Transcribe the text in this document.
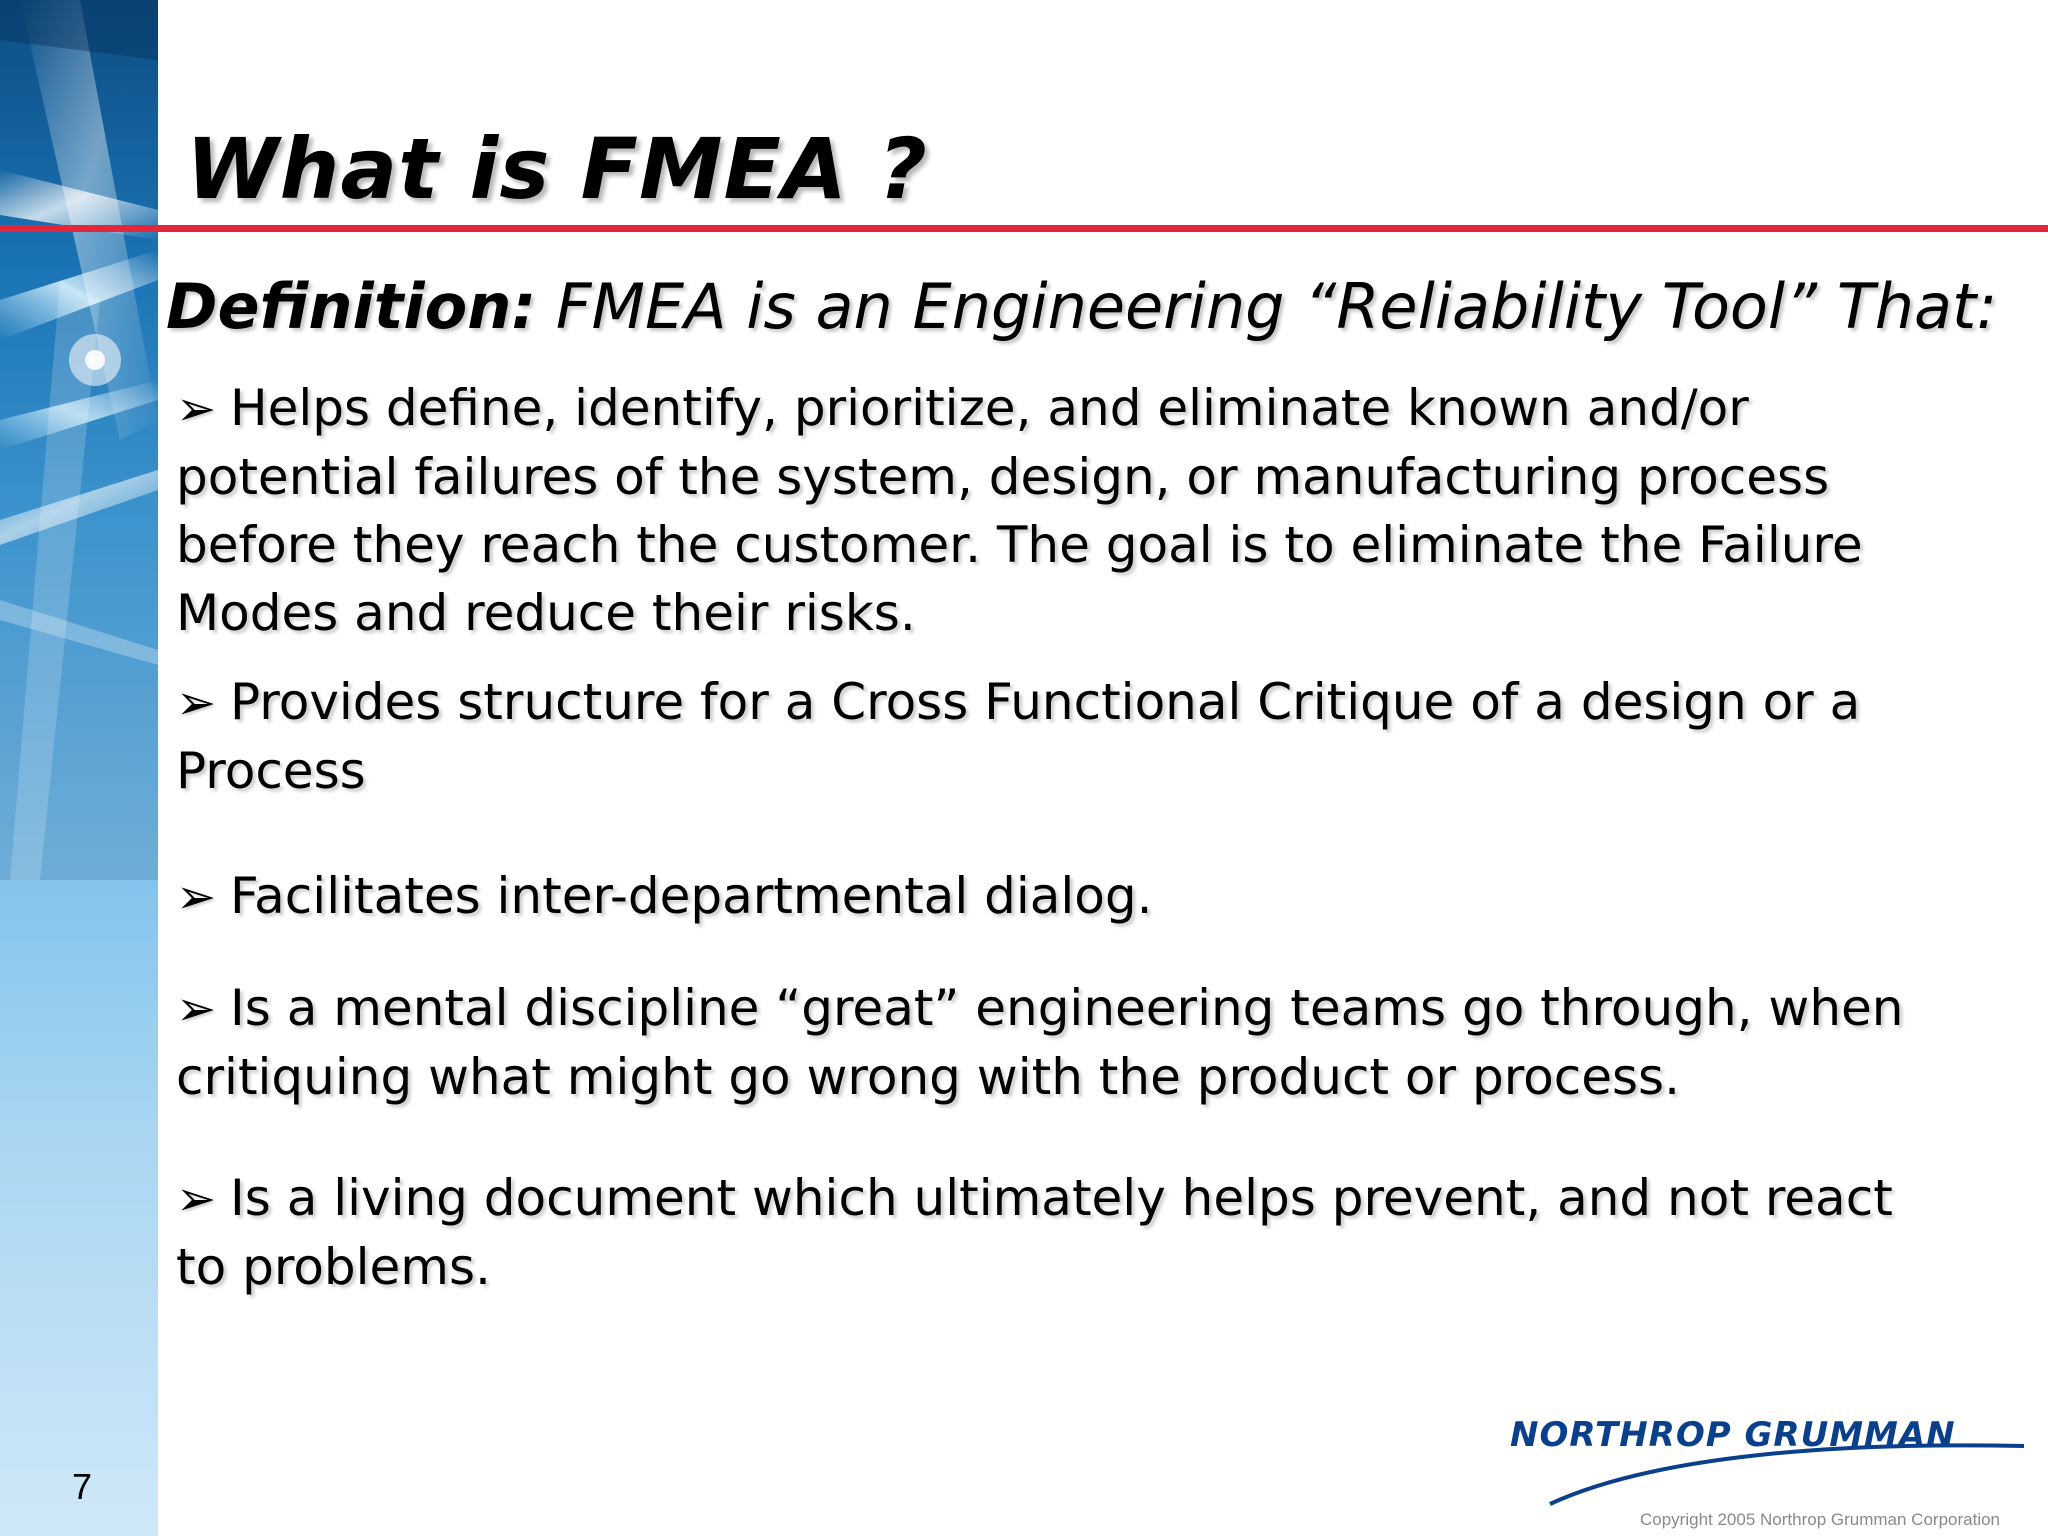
What is FMEA ?
Definition: FMEA is an Engineering “Reliability Tool” That:
➢ Helps define, identify, prioritize, and eliminate known and/or potential failures of the system, design, or manufacturing process before they reach the customer. The goal is to eliminate the Failure Modes and reduce their risks.
➢ Provides structure for a Cross Functional Critique of a design or a Process
➢ Facilitates inter-departmental dialog.
➢ Is a mental discipline “great” engineering teams go through, when critiquing what might go wrong with the product or process.
➢ Is a living document which ultimately helps prevent, and not react to problems.
7
NORTHROP GRUMMAN
Copyright 2005 Northrop Grumman Corporation
